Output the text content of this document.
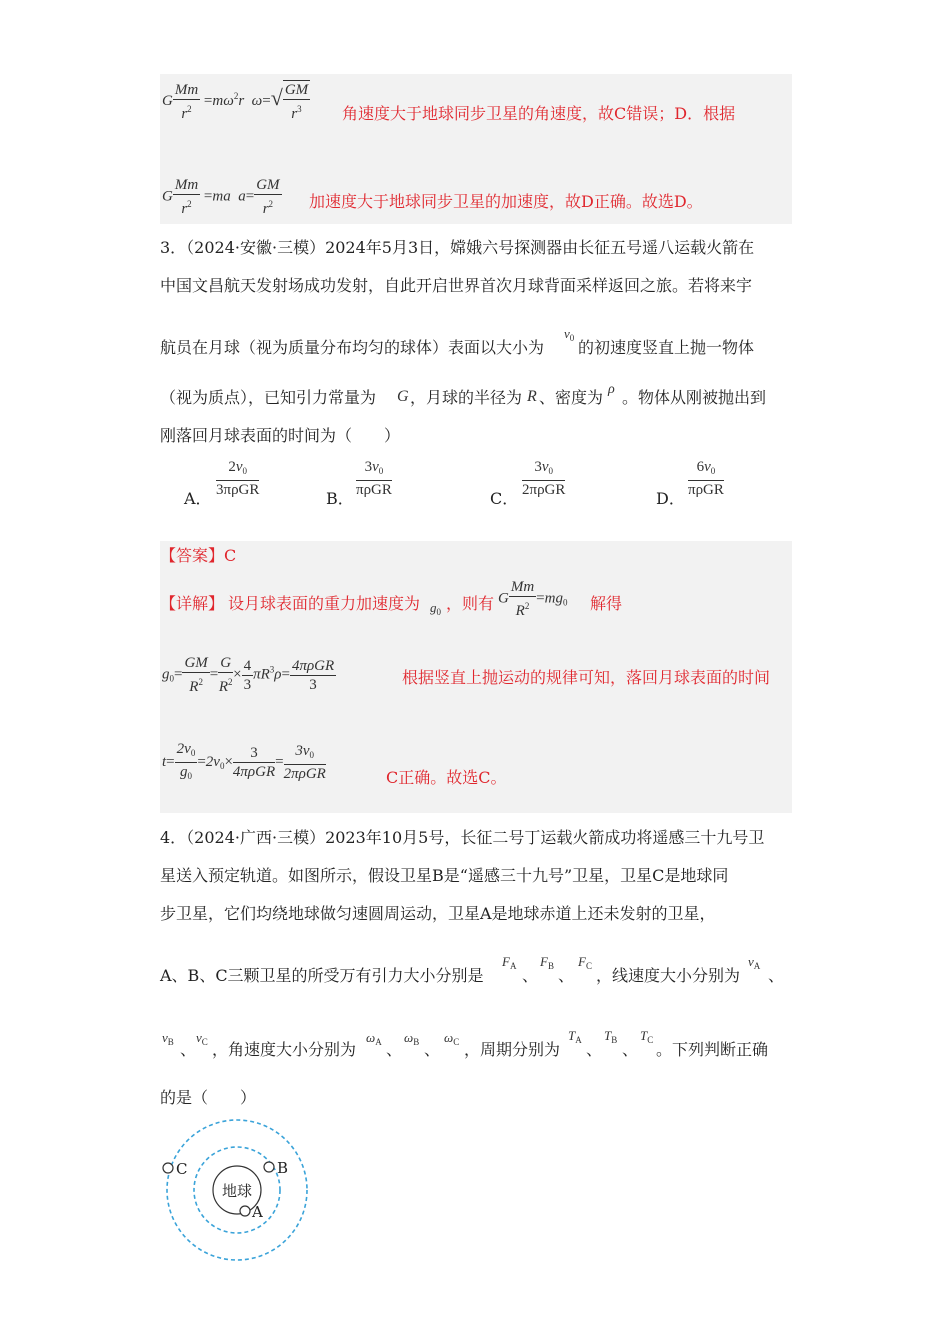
G $\frac{Mm}{r^2} =m\omega^2r$  $\omega=√ \frac{GM}{r^3}$ 角速度大于地球同步卫星的角速度，故C错误；D．根据
G $\frac{Mm}{r^2} =ma$  $a= \frac{GM}{r^2}$ 加速度大于地球同步卫星的加速度，故D正确。故选D。
3．（2024·安徽·三模）2024年5月3日，嫦娥六号探测器由长征五号遥八运载火箭在
中国文昌航天发射场成功发射，自此开启世界首次月球背面采样返回之旅。若将来宇
航员在月球（视为质量分布均匀的球体）表面以大小为
$v_0$ 的初速度竖直上抛一物体
（视为质点），已知引力常量为 G ，月球的半径为 R 、密度为 ρ 。物体从刚被抛出到
刚落回月球表面的时间为（　　）
A．
$2v_0$
3πρGR	B．
$3v_0$
πρGR	C．
$3v_0$
2πρGR	D．
$6v_0$
πρGR
【答案】C
【详解】 设月球表面的重力加速度为 $g_0$ ，则有 G $\frac{Mm}{R^2} =mg_0$ 解得
$g_0= \frac{GM}{R^2} = \frac{G}{R^2} \times \frac{4}{3} \pi R^3\rho= \frac{\text{4πρGR}}{3}$	根据竖直上抛运动的规律可知，落回月球表面的时间
$t= \frac{2v_0}{g_0} =2v_0\times \frac{3}{\text{4πρGR}} = \frac{3v_0}{\text{2πρGR}}$	C正确。故选C。
4．（2024·广西·三模）2023年10月5号，长征二号丁运载火箭成功将遥感三十九号卫
星送入预定轨道。如图所示，假设卫星B是“遥感三十九号”卫星，卫星C是地球同
步卫星，它们均绕地球做匀速圆周运动，卫星A是地球赤道上还未发射的卫星，
A、B、C三颗卫星的所受万有引力大小分别是
$F_A$ 、
$F_B$ 、
$F_C$ ，线速度大小分别为
$v_A$ 、
$v_B$ 、
$v_C$ ，角速度大小分别为
$\omega_A$ 、
$\omega_B$ 、
$\omega_C$ ，周期分别为
$T_A$ 、
$T_B$ 、
$T_C$ 。下列判断正确
的是（　　）
地球
C	B
A
